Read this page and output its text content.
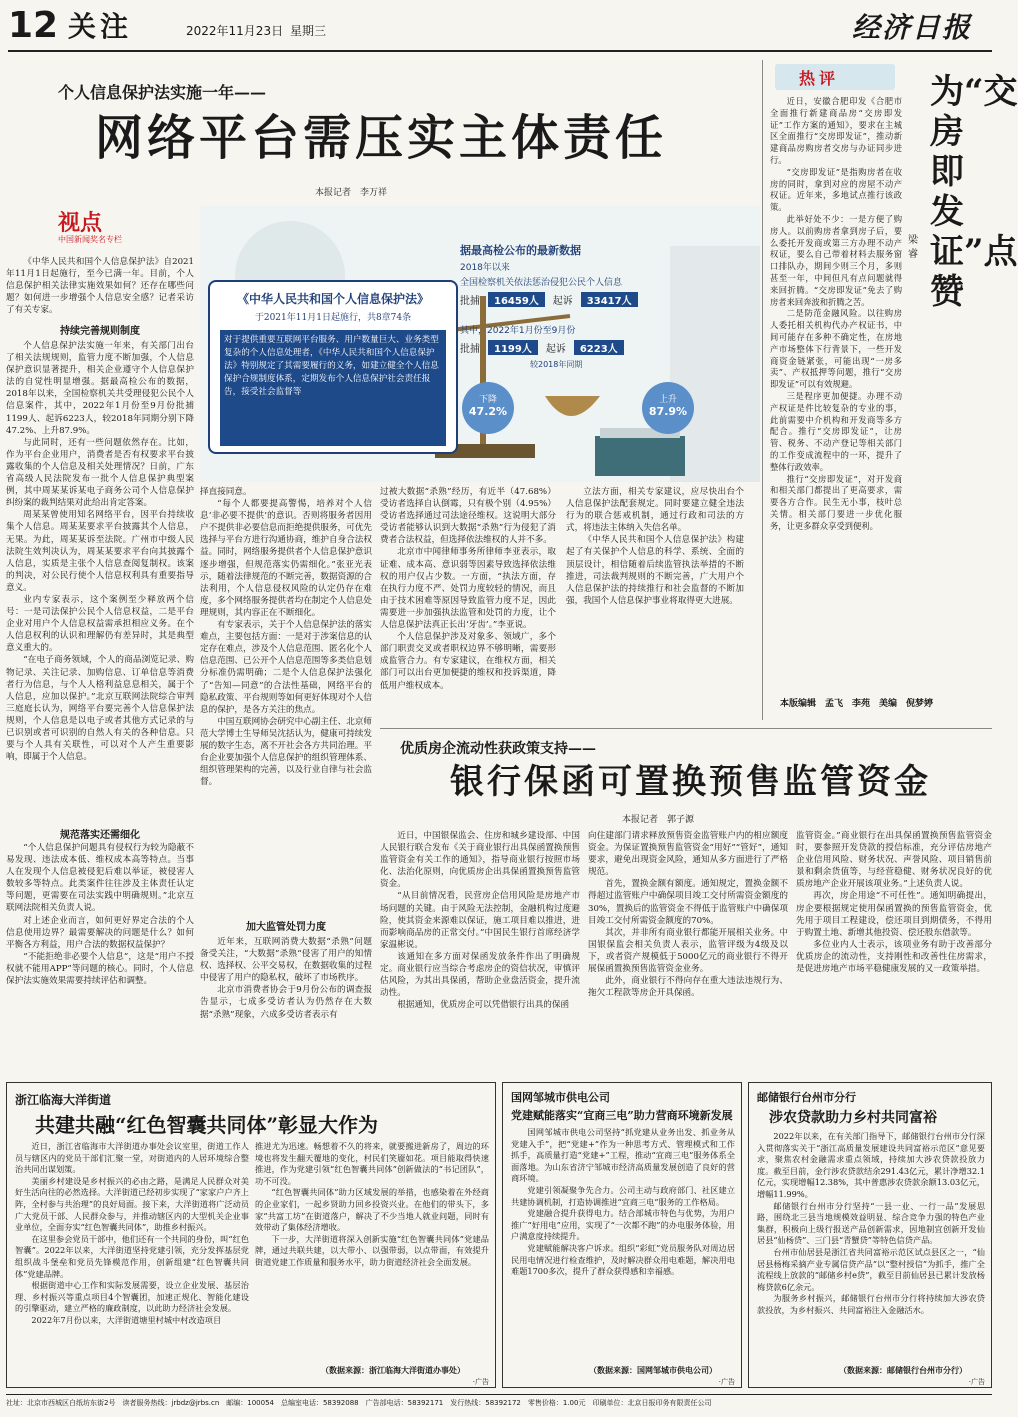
12 关注	2022年11月23日 星期三	经济日报
个人信息保护法实施一年——
网络平台需压实主体责任
本报记者　李万祥
视点
中国新闻奖名专栏

《中华人民共和国个人信息保护法》自2021年11月1日起施行，至今已满一年。目前，个人信息保护相关法律实施效果如何？还存在哪些问题？如何进一步增强个人信息安全感？记者采访了有关专家。

持续完善规则制度

个人信息保护法实施一年来，有关部门出台了相关法规规则，监管力度不断加强，个人信息保护意识显著提升，相关企业遵守个人信息保护法的自觉性明显增强。据最高检公布的数据，2018年以来，全国检察机关共受理侵犯公民个人信息案件，其中，2022年1月份至9月份批捕1199人、起诉6223人，较2018年同期分别下降47.2%、上升87.9%。

与此同时，还有一些问题依然存在。比如，作为平台企业用户，消费者是否有权要求平台披露收集的个人信息及相关处理情况？日前，广东省高级人民法院发布一批个人信息保护典型案例，其中周某某诉某电子商务公司个人信息保护纠纷案的裁判结果对此给出肯定答案。

周某某曾使用知名网络平台，因平台持续收集个人信息。周某某要求平台披露其个人信息，无果。为此，周某某诉至法院。广州市中级人民法院生效判决认为，周某某要求平台向其披露个人信息，实质是主张个人信息查阅复制权。该案的判决，对公民行使个人信息权利具有重要指导意义。

业内专家表示，这个案例至少释放两个信号：一是司法保护公民个人信息权益，二是平台企业对用户个人信息权益需承担相应义务。在个人信息权利的认识和理解仍有差异时，其是典型意义重大的。

“在电子商务领域，个人的商品浏览记录、购物记录、关注记录、加购信息、订单信息等消费者行为信息，与个人人格利益息息相关，属于个人信息，应加以保护。”北京互联网法院综合审判三庭庭长认为，网络平台要完善个人信息保护法规则，个人信息是以电子或者其他方式记录的与已识别或者可识别的自然人有关的各种信息。只要与个人具有关联性，可以对个人产生重要影响，即属于个人信息。

规范落实还需细化

“个人信息保护问题具有侵权行为较为隐蔽不易发现、违法成本低、维权成本高等特点。当事人在发现个人信息被侵犯后难以举证，被侵害人数较多等特点。此类案件往往涉及主体责任认定等问题，更需要在司法实践中明确规则。”北京互联网法院相关负责人说。

对上述企业而言，如何更好界定合法的个人信息使用边界？最需要解决的问题是什么？如何平衡各方利益，用户合法的数据权益保护？

“不能拒绝非必要个人信息”，这是“用户不授权就不能用APP”等问题的核心。同时，个人信息保护法实施效果需要持续评估和调整。

《中华人民共和国个人信息保护法》
于2021年11月1日起施行，共8章74条
对于提供重要互联网平台服务、用户数量巨大、业务类型复杂的个人信息处理者，《中华人民共和国个人信息保护法》特别规定了其需要履行的义务，如建立健全个人信息保护合规制度体系，定期发布个人信息保护社会责任报告，接受社会监督等
据最高检公布的最新数据
2018年以来
全国检察机关依法惩治侵犯公民个人信息
批捕	16459人	起诉	33417人
其中，2022年1月份至9月份
批捕	1199人	起诉	6223人
较2018年同期
下降
47.2%
上升
87.9%

择直接同意。

“每个人都要提高警惕，培养对个人信息‘非必要不提供’的意识。否则将服务者因用户不提供非必要信息而拒绝提供服务，可优先选择与平台方进行沟通协商，维护自身合法权益。同时，网络服务提供者个人信息保护意识逐步增强，但规范落实仍需细化。”张亚光表示，随着法律规范的不断完善，数据资源的合法利用，个人信息侵权风险的认定仍存在难度，多个网络服务提供者均在制定个人信息处理规则，其内容正在不断细化。

有专家表示，关于个人信息保护法的落实难点，主要包括方面：一是对于涉案信息的认定存在难点，涉及个人信息范围、匿名化个人信息范围、已公开个人信息范围等多类信息划分标准仍需明确；二是个人信息保护法强化了“告知—同意”的合法性基础，网络平台的隐私政策、平台规则等如何更好体现对个人信息的保护，是各方关注的焦点。

中国互联网协会研究中心副主任、北京师范大学博士生导师吴沈括认为，健康可持续发展的数字生态，离不开社会各方共同治理。平台企业要加强个人信息保护的组织管理体系、组织管理架构的完善，以及行业自律与社会监督。

加大监管处罚力度

近年来，互联网消费大数据“杀熟”问题备受关注，“大数据”杀熟“侵害了用户的知情权、选择权、公平交易权，在数据收集的过程中侵害了用户的隐私权，破坏了市场秩序。

北京市消费者协会于9月份公布的调查报告显示，七成多受访者认为仍然存在大数据“杀熟”现象，六成多受访者表示有

过被大数据“杀熟”经历，有近半（47.68%）受访者选择自认倒霉，只有极个别（4.95%）受访者选择通过司法途径维权。这说明大部分受访者能够认识到大数据“杀熟”行为侵犯了消费者合法权益，但选择依法维权的人并不多。

北京市中闻律师事务所律师李亚表示，取证难、成本高、意识弱等因素导致选择依法维权的用户仅占少数。一方面，“执法方面，存在执行力度不严、处罚力度较轻的情况，而且由于技术困难等原因导致监管力度不足，因此需要进一步加强执法监管和处罚的力度，让个人信息保护法真正长出‘牙齿’。”李亚说。

个人信息保护涉及对象多、领域广，多个部门职责交叉或者职权边界不够明晰，需要形成监管合力。有专家建议，在维权方面，相关部门可以出台更加便捷的维权和投诉渠道，降低用户维权成本。

立法方面，相关专家建议，应尽快出台个人信息保护法配套规定。同时要建立健全违法行为的联合惩戒机制，通过行政和司法的方式，将违法主体纳入失信名单。

《中华人民共和国个人信息保护法》构建起了有关保护个人信息的科学、系统、全面的顶层设计，相信随着后续监管执法举措的不断推进，司法裁判规则的不断完善，广大用户个人信息保护法的持续推行和社会监督的不断加强，我国个人信息保护事业将取得更大进展。

热评

近日，安徽合肥印发《合肥市全面推行新建商品房“交房即发证”工作方案的通知》，要求在主城区全面推行“交房即发证”，推动新建商品房购房者交房与办证同步进行。

“交房即发证”是指购房者在收房的同时，拿到对应的房屋不动产权证。近年来，多地试点推行该政策。

此举好处不少：一是方便了购房人。以前购房者拿到房子后，要么委托开发商或第三方办理不动产权证，要么自己带着材料去服务窗口排队办，期间少则三个月，多则甚至一年，中间但凡有点问题就得来回折腾。“交房即发证”免去了购房者来回奔波和折腾之苦。

二是防范金融风险。以往购房人委托相关机构代办产权证书，中间可能存在多种不确定性，在房地产市场整体下行背景下，一些开发商资金链紧张，可能出现“一房多卖”、产权抵押等问题，推行“交房即发证”可以有效规避。

三是程序更加便捷。办理不动产权证是件比较复杂的专业的事，此前需要中介机构和开发商等多方配合。推行“交房即发证”，让房管、税务、不动产登记等相关部门的工作变成流程中的一环，提升了整体行政效率。

推行“交房即发证”，对开发商和相关部门都提出了更高要求，需要各方合作。民生无小事，枝叶总关情。相关部门要进一步优化服务，让更多群众享受到便利。

为“交房即发证”点赞
梁睿
本版编辑　孟飞　李苑　美编　倪梦婷
优质房企流动性获政策支持——
银行保函可置换预售监管资金
本报记者　郭子源

近日，中国银保监会、住房和城乡建设部、中国人民银行联合发布《关于商业银行出具保函置换预售监管资金有关工作的通知》，指导商业银行按照市场化、法治化原则，向优质房企出具保函置换预售监管资金。

“从目前情况看，民营房企信用风险是房地产市场问题的关键。由于风险无法控制，金融机构过度避险，使其资金来源难以保证，施工项目难以推进，进而影响商品房的正常交付。”中国民生银行首席经济学家温彬说。

该通知在多方面对保函发放条件作出了明确规定。商业银行应当综合考虑房企的资信状况，审慎评估风险，为其出具保函，帮助企业盘活资金，提升流动性。

根据通知，优质房企可以凭借银行出具的保函

向住建部门请求释放预售资金监管账户内的相应额度资金。为保证置换预售监管资金“用好”“管好”，通知要求，避免出现资金风险，通知从多方面进行了严格规范。

首先，置换金额有额度。通知规定，置换金额不得超过监管账户中确保项目竣工交付所需资金额度的30%，置换后的监管资金不得低于监管账户中确保项目竣工交付所需资金额度的70%。

其次，并非所有商业银行都能开展相关业务。中国银保监会相关负责人表示，监管评级为4级及以下，或者资产规模低于5000亿元的商业银行不得开展保函置换预售监管资金业务。

此外，商业银行不得向存在重大违法违规行为、拖欠工程款等房企开具保函。

监管资金。”商业银行在出具保函置换预售监管资金时，要参照开发贷款的授信标准，充分评估房地产企业信用风险、财务状况、声誉风险、项目销售前景和剩余货值等，与经营稳健、财务状况良好的优质房地产企业开展该项业务。”上述负责人说。

再次，房企用途“不可任性”。通知明确提出，房企要根据规定使用保函置换的预售监管资金，优先用于项目工程建设，偿还项目到期债务，不得用于购置土地、新增其他投资、偿还股东借款等。

多位业内人士表示，该项业务有助于改善部分优质房企的流动性，支持刚性和改善性住房需求，是促进房地产市场平稳健康发展的又一政策举措。

浙江临海大洋街道
共建共融“红色智囊共同体”彰显大作为

近日，浙江省临海市大洋街道办事处会议室里，街道工作人员与辖区内的党员干部们汇聚一堂，对街道内的人居环境综合整治共同出谋划策。

美丽乡村建设是乡村振兴的必由之路，是满足人民群众对美好生活向往的必然选择。大洋街道已经初步实现了“家家户户齐上阵，全村参与共治理”的良好局面。接下来，大洋街道将广泛动员广大党员干部、人民群众参与，并推动辖区内的大型机关企业事业单位，全面夯实“红色智囊共同体”，助推乡村振兴。

在这里参会党员干部中，他们还有一个共同的身份，叫“红色智囊”。2022年以来，大洋街道坚持党建引领，充分发挥基层党组织战斗堡垒和党员先锋模范作用，创新组建“红色智囊共同体”党建品牌。

根据街道中心工作和实际发展需要，设立企业发展、基层治理、乡村振兴等重点项目4个智囊团，加速正规化、智能化建设的引擎驱动，建立严格的廉政制度，以此助力经济社会发展。

2022年7月份以来，大洋街道塘里村城中村改造项目

推进尤为迅速。畅想着不久的将来，就要搬进新房了，周边的环境也将发生翻天覆地的变化，村民们笑靥如花。项目能取得快速推进，作为党建引领“红色智囊共同体”创新做法的“书记团队”，功不可没。

“红色智囊共同体”助力区域发展的举措，也感染着在外经商的企业家们，一起乡贤助力回乡投资兴业。在他们的带头下，多家“共富工坊”在街道落户，解决了不少当地人就业问题，同时有效带动了集体经济增收。

下一步，大洋街道将深入创新实施“红色智囊共同体”党建品牌，通过共联共建，以大带小、以强带弱，以点带面，有效提升街道党建工作质量和服务水平，助力街道经济社会全面发展。

（数据来源：浙江临海大洋街道办事处）
·广告
国网邹城市供电公司
党建赋能落实“宜商三电”助力营商环境新发展

国网邹城市供电公司坚持“抓党建从业务出发、抓业务从党建入手”，把“党建+”作为一种思考方式、管理模式和工作抓手，高质量打造“党建+”工程，推动“宜商三电”服务体系全面落地。为山东省济宁邹城市经济高质量发展创造了良好的营商环境。

党建引领凝聚争先合力。公司主动与政府部门、社区建立共建协调机制，打造协调推进“宜商三电”服务的工作格局。

党建融合提升获得电力。结合部城市特色与优势，为用户推广“好用电”应用，实现了“一次都不跑”的办电服务体验，用户满意度持续提升。

党建赋能解决客户诉求。组织“彩虹”党员服务队对周边居民用电情况进行检查维护，及时解决群众用电难题，解决用电难题1700多次，提升了群众获得感和幸福感。

（数据来源：国网邹城市供电公司）
·广告
邮储银行台州市分行
涉农贷款助力乡村共同富裕

2022年以来，在有关部门指导下，邮储银行台州市分行深入贯彻落实关于“浙江高质量发展建设共同富裕示范区”意见要求，聚焦农村金融需求重点领域，持续加大涉农贷款投放力度。截至目前，金行涉农贷款结余291.43亿元，累计净增32.1亿元，实现增幅12.38%，其中普惠涉农贷款余额13.03亿元，增幅11.99%。

邮储银行台州市分行坚持“一县一业、一行一品”发展思路，围绕北三县当地规模效益明显、综合竞争力强的特色产业集群，积极向上级行报送产品创新需求，因地制宜创新开发仙居县“仙杨贷”、三门县“青蟹贷”等特色信贷产品。

台州市仙居县是浙江省共同富裕示范区试点县区之一，“仙居县杨梅采摘产业专属信贷产品”以“整村授信”为抓手，推广全流程线上放款的“邮储乡村e贷”，截至目前仙居县已累计发放杨梅贷款6亿余元。

为服务乡村振兴，邮储银行台州市分行将持续加大涉农贷款投放，为乡村振兴、共同富裕注入金融活水。

（数据来源：邮储银行台州市分行）
·广告
社址：北京市西城区白纸坊东街2号　读者服务热线：jrbdz@jrbs.cn　邮编：100054　总编室电话：58392088　广告部电话：58392171　发行热线：58392172　零售价格：1.00元　印刷单位：北京日报印务有限责任公司
